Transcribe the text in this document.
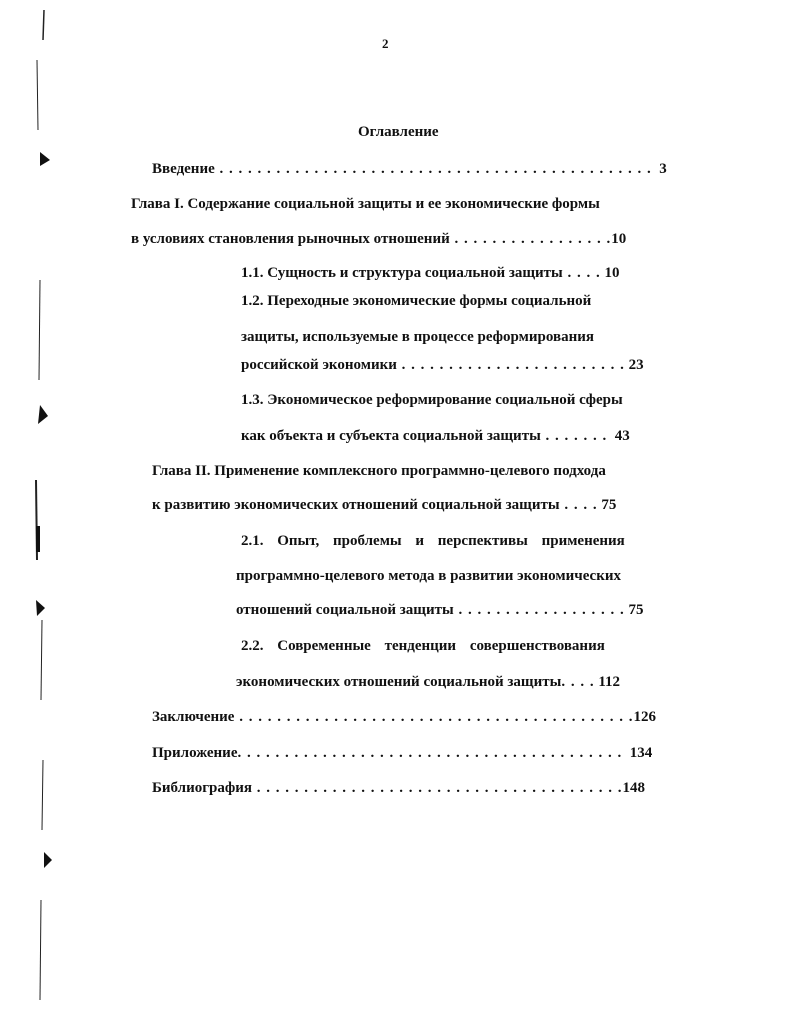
2
Оглавление
Введение . . . . . . . . . . . . . . . . . . . . . . . . . . . . . . . . . . . . . . . . . . . . . . 3
Глава I. Содержание социальной защиты и ее экономические формы
в условиях становления рыночных отношений . . . . . . . . . . . . . . . . .10
1.1. Сущность и структура социальной защиты . . . . 10
1.2. Переходные экономические формы социальной
защиты, используемые в процессе реформирования
российской экономики . . . . . . . . . . . . . . . . . . . . . . . . 23
1.3. Экономическое реформирование социальной сферы
как объекта и субъекта социальной защиты . . . . . . . 43
Глава II. Применение комплексного программно-целевого подхода
к развитию экономических отношений социальной защиты . . . . 75
2.1. Опыт, проблемы и перспективы применения
программно-целевого метода в развитии экономических
отношений социальной защиты . . . . . . . . . . . . . . . . . . 75
2.2. Современные тенденции совершенствования
экономических отношений социальной защиты. . . . 112
Заключение . . . . . . . . . . . . . . . . . . . . . . . . . . . . . . . . . . . . . . . . . .126
Приложение. . . . . . . . . . . . . . . . . . . . . . . . . . . . . . . . . . . . . . . . . 134
Библиография . . . . . . . . . . . . . . . . . . . . . . . . . . . . . . . . . . . . . . .148
